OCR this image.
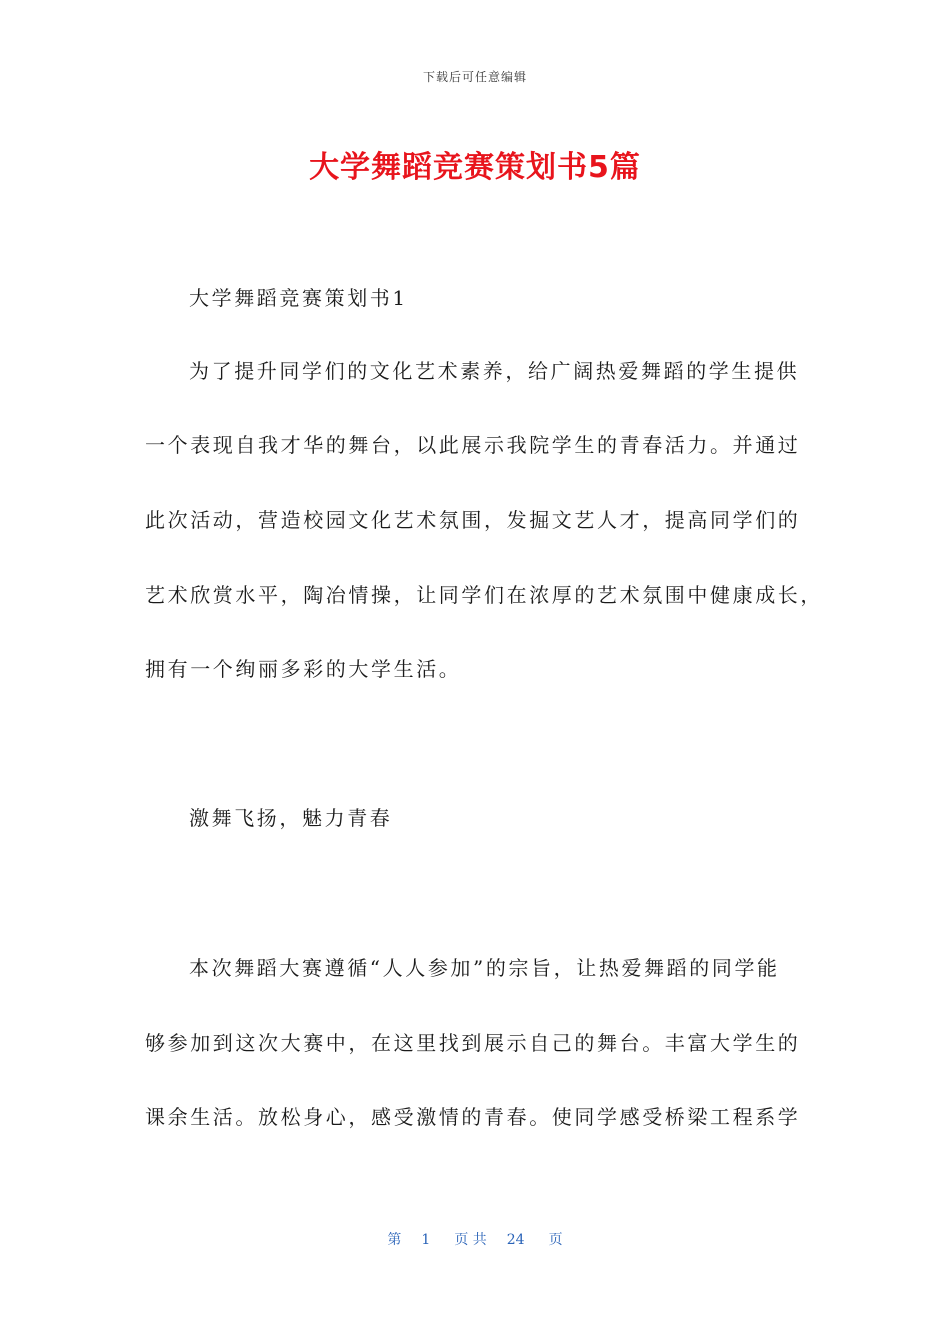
下载后可任意编辑
大学舞蹈竞赛策划书5篇
大学舞蹈竞赛策划书1
为了提升同学们的文化艺术素养，给广阔热爱舞蹈的学生提供
一个表现自我才华的舞台，以此展示我院学生的青春活力。并通过
此次活动，营造校园文化艺术氛围，发掘文艺人才，提高同学们的
艺术欣赏水平，陶冶情操，让同学们在浓厚的艺术氛围中健康成长，
拥有一个绚丽多彩的大学生活。
激舞飞扬，魅力青春
本次舞蹈大赛遵循“人人参加”的宗旨，让热爱舞蹈的同学能
够参加到这次大赛中，在这里找到展示自己的舞台。丰富大学生的
课余生活。放松身心，感受激情的青春。使同学感受桥梁工程系学
第 1 页 共 24 页
